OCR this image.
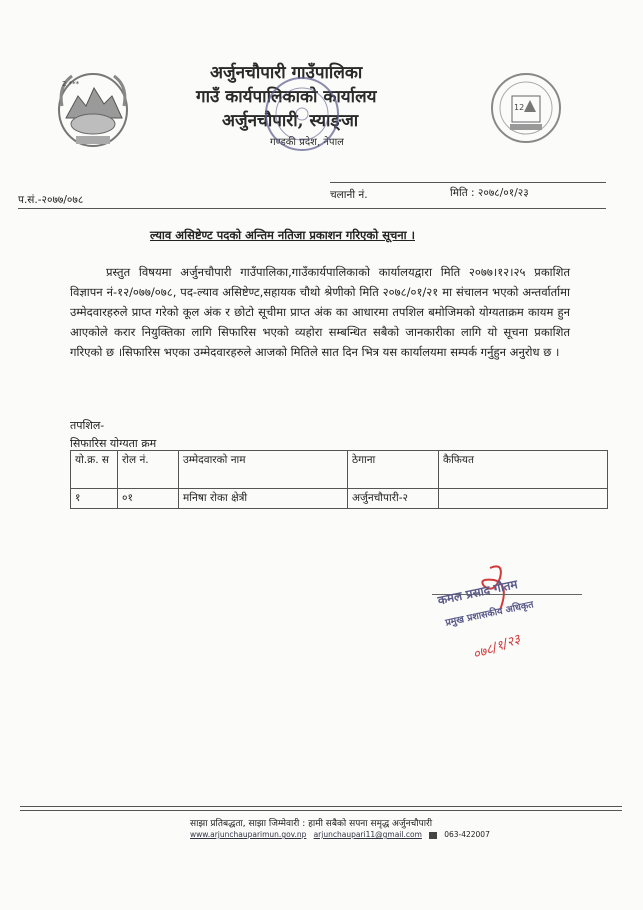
2 ***
12
अर्जुनचौपारी गाउँपालिका
गाउँ कार्यपालिकाको कार्यालय
अर्जुनचौपारी, स्याङ्जा
गण्डकी प्रदेश, नेपाल
प.सं.-२०७७/०७८	चलानी नं.	मिति : २०७८/०१/२३
ल्याव असिष्टेण्ट पदको अन्तिम नतिजा प्रकाशन गरिएको सूचना ।
प्रस्तुत विषयमा अर्जुनचौपारी गाउँपालिका,गाउँकार्यपालिकाको कार्यालयद्वारा मिति २०७७।१२।२५ प्रकाशित विज्ञापन नं-१२/०७७/०७८, पद-ल्याव असिष्टेण्ट,सहायक चौथो श्रेणीको मिति २०७८/०१/२१ मा संचालन भएको अन्तर्वार्तामा उम्मेदवारहरुले प्राप्त गरेको कूल अंक र छोटो सूचीमा प्राप्त अंक का आधारमा तपशिल बमोजिमको योग्यताक्रम कायम हुन आएकोले करार नियुक्तिका लागि सिफारिस भएको व्यहोरा सम्बन्धित सबैको जानकारीका लागि यो सूचना प्रकाशित गरिएको छ ।सिफारिस भएका उम्मेदवारहरुले आजको मितिले सात दिन भित्र यस कार्यालयमा सम्पर्क गर्नुहुन अनुरोध छ ।
तपशिल-
सिफारिस योग्यता क्रम
यो.क्र. स	रोल नं.	उम्मेदवारको नाम	ठेगाना	कैफियत
१	०१	मनिषा रोका क्षेत्री	अर्जुनचौपारी-२	
कमल प्रसाद गौतम
प्रमुख प्रशासकीय अधिकृत
०७८/१/२३
साझा प्रतिबद्धता, साझा जिम्मेवारी : हामी सबैको सपना समृद्ध अर्जुनचौपारी
www.arjunchauparimun.gov.np arjunchaupari11@gmail.com	063-422007
